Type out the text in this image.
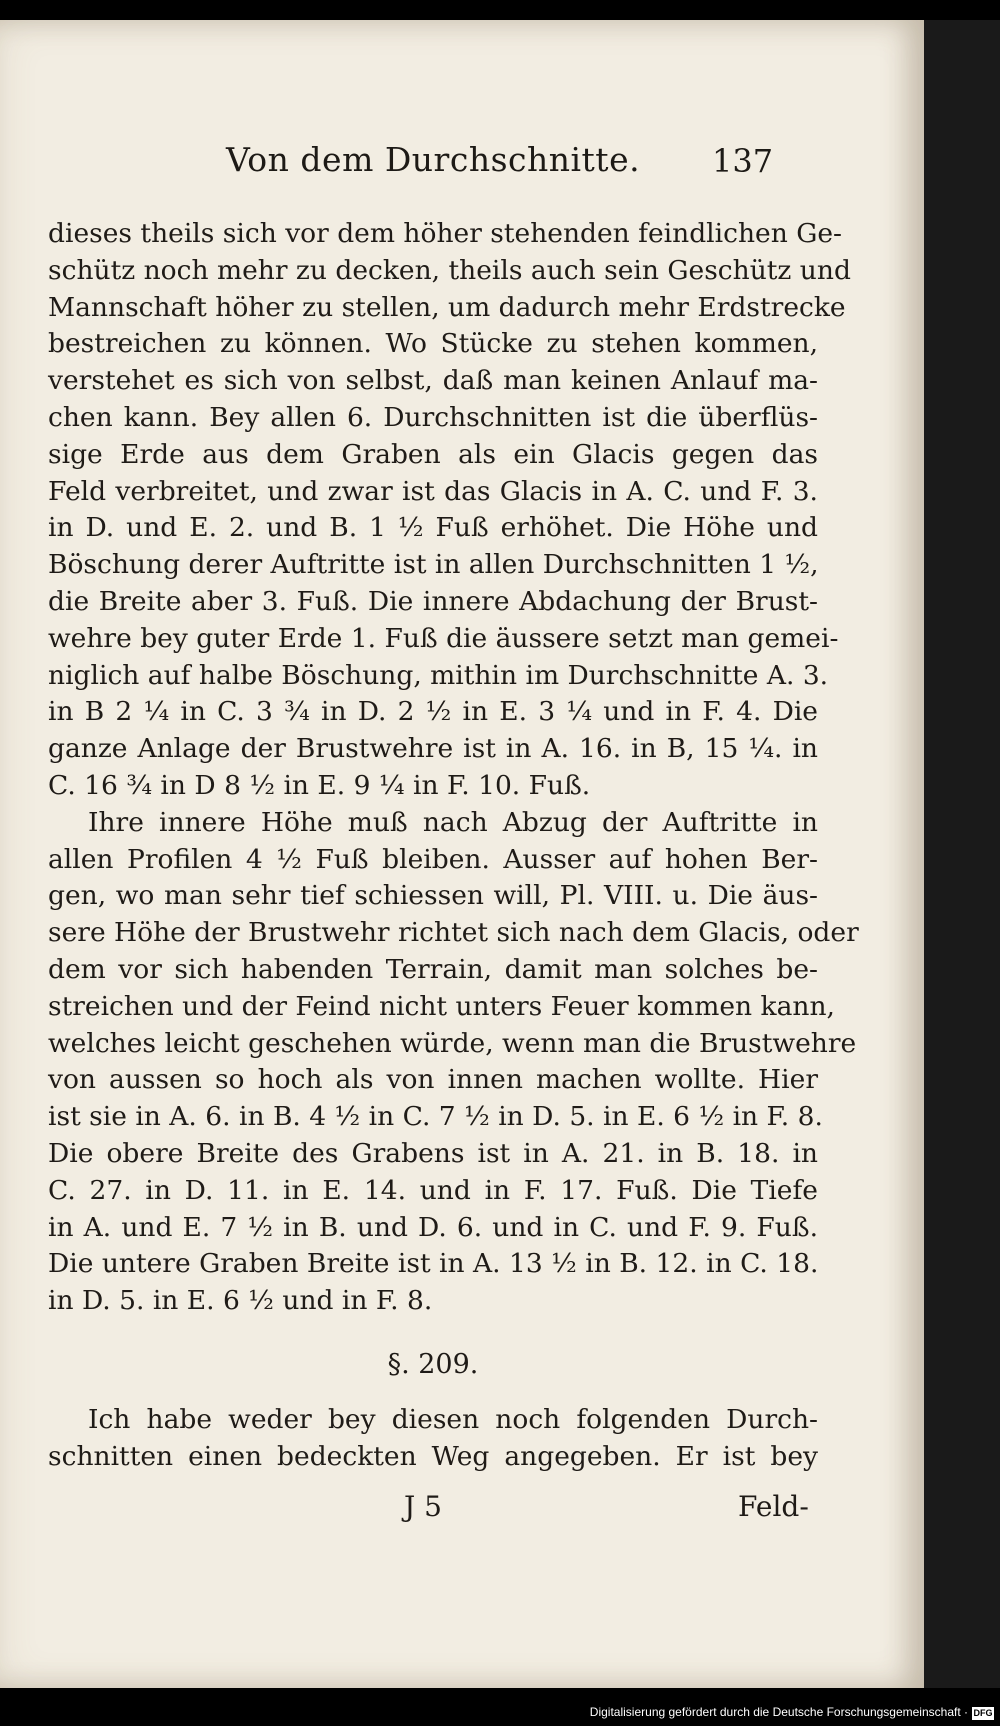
Von dem Durchschnitte. 137
dieses theils sich vor dem höher stehenden feindlichen Ge-
schütz noch mehr zu decken, theils auch sein Geschütz und
Mannschaft höher zu stellen, um dadurch mehr Erdstrecke
bestreichen zu können. Wo Stücke zu stehen kommen,
verstehet es sich von selbst, daß man keinen Anlauf ma-
chen kann. Bey allen 6. Durchschnitten ist die überflüs-
sige Erde aus dem Graben als ein Glacis gegen das
Feld verbreitet, und zwar ist das Glacis in A. C. und F. 3.
in D. und E. 2. und B. 1 ½ Fuß erhöhet. Die Höhe und
Böschung derer Auftritte ist in allen Durchschnitten 1 ½,
die Breite aber 3. Fuß. Die innere Abdachung der Brust-
wehre bey guter Erde 1. Fuß die äussere setzt man gemei-
niglich auf halbe Böschung, mithin im Durchschnitte A. 3.
in B 2 ¼ in C. 3 ¾ in D. 2 ½ in E. 3 ¼ und in F. 4. Die
ganze Anlage der Brustwehre ist in A. 16. in B, 15 ¼. in
C. 16 ¾ in D 8 ½ in E. 9 ¼ in F. 10. Fuß.
Ihre innere Höhe muß nach Abzug der Auftritte in
allen Profilen 4 ½ Fuß bleiben. Ausser auf hohen Ber-
gen, wo man sehr tief schiessen will, Pl. VIII. u. Die äus-
sere Höhe der Brustwehr richtet sich nach dem Glacis, oder
dem vor sich habenden Terrain, damit man solches be-
streichen und der Feind nicht unters Feuer kommen kann,
welches leicht geschehen würde, wenn man die Brustwehre
von aussen so hoch als von innen machen wollte. Hier
ist sie in A. 6. in B. 4 ½ in C. 7 ½ in D. 5. in E. 6 ½ in F. 8.
Die obere Breite des Grabens ist in A. 21. in B. 18. in
C. 27. in D. 11. in E. 14. und in F. 17. Fuß. Die Tiefe
in A. und E. 7 ½ in B. und D. 6. und in C. und F. 9. Fuß.
Die untere Graben Breite ist in A. 13 ½ in B. 12. in C. 18.
in D. 5. in E. 6 ½ und in F. 8.
§. 209.
Ich habe weder bey diesen noch folgenden Durch-
schnitten einen bedeckten Weg angegeben. Er ist bey
J 5	Feld-
Digitalisierung gefördert durch die Deutsche Forschungsgemeinschaft · DFG
